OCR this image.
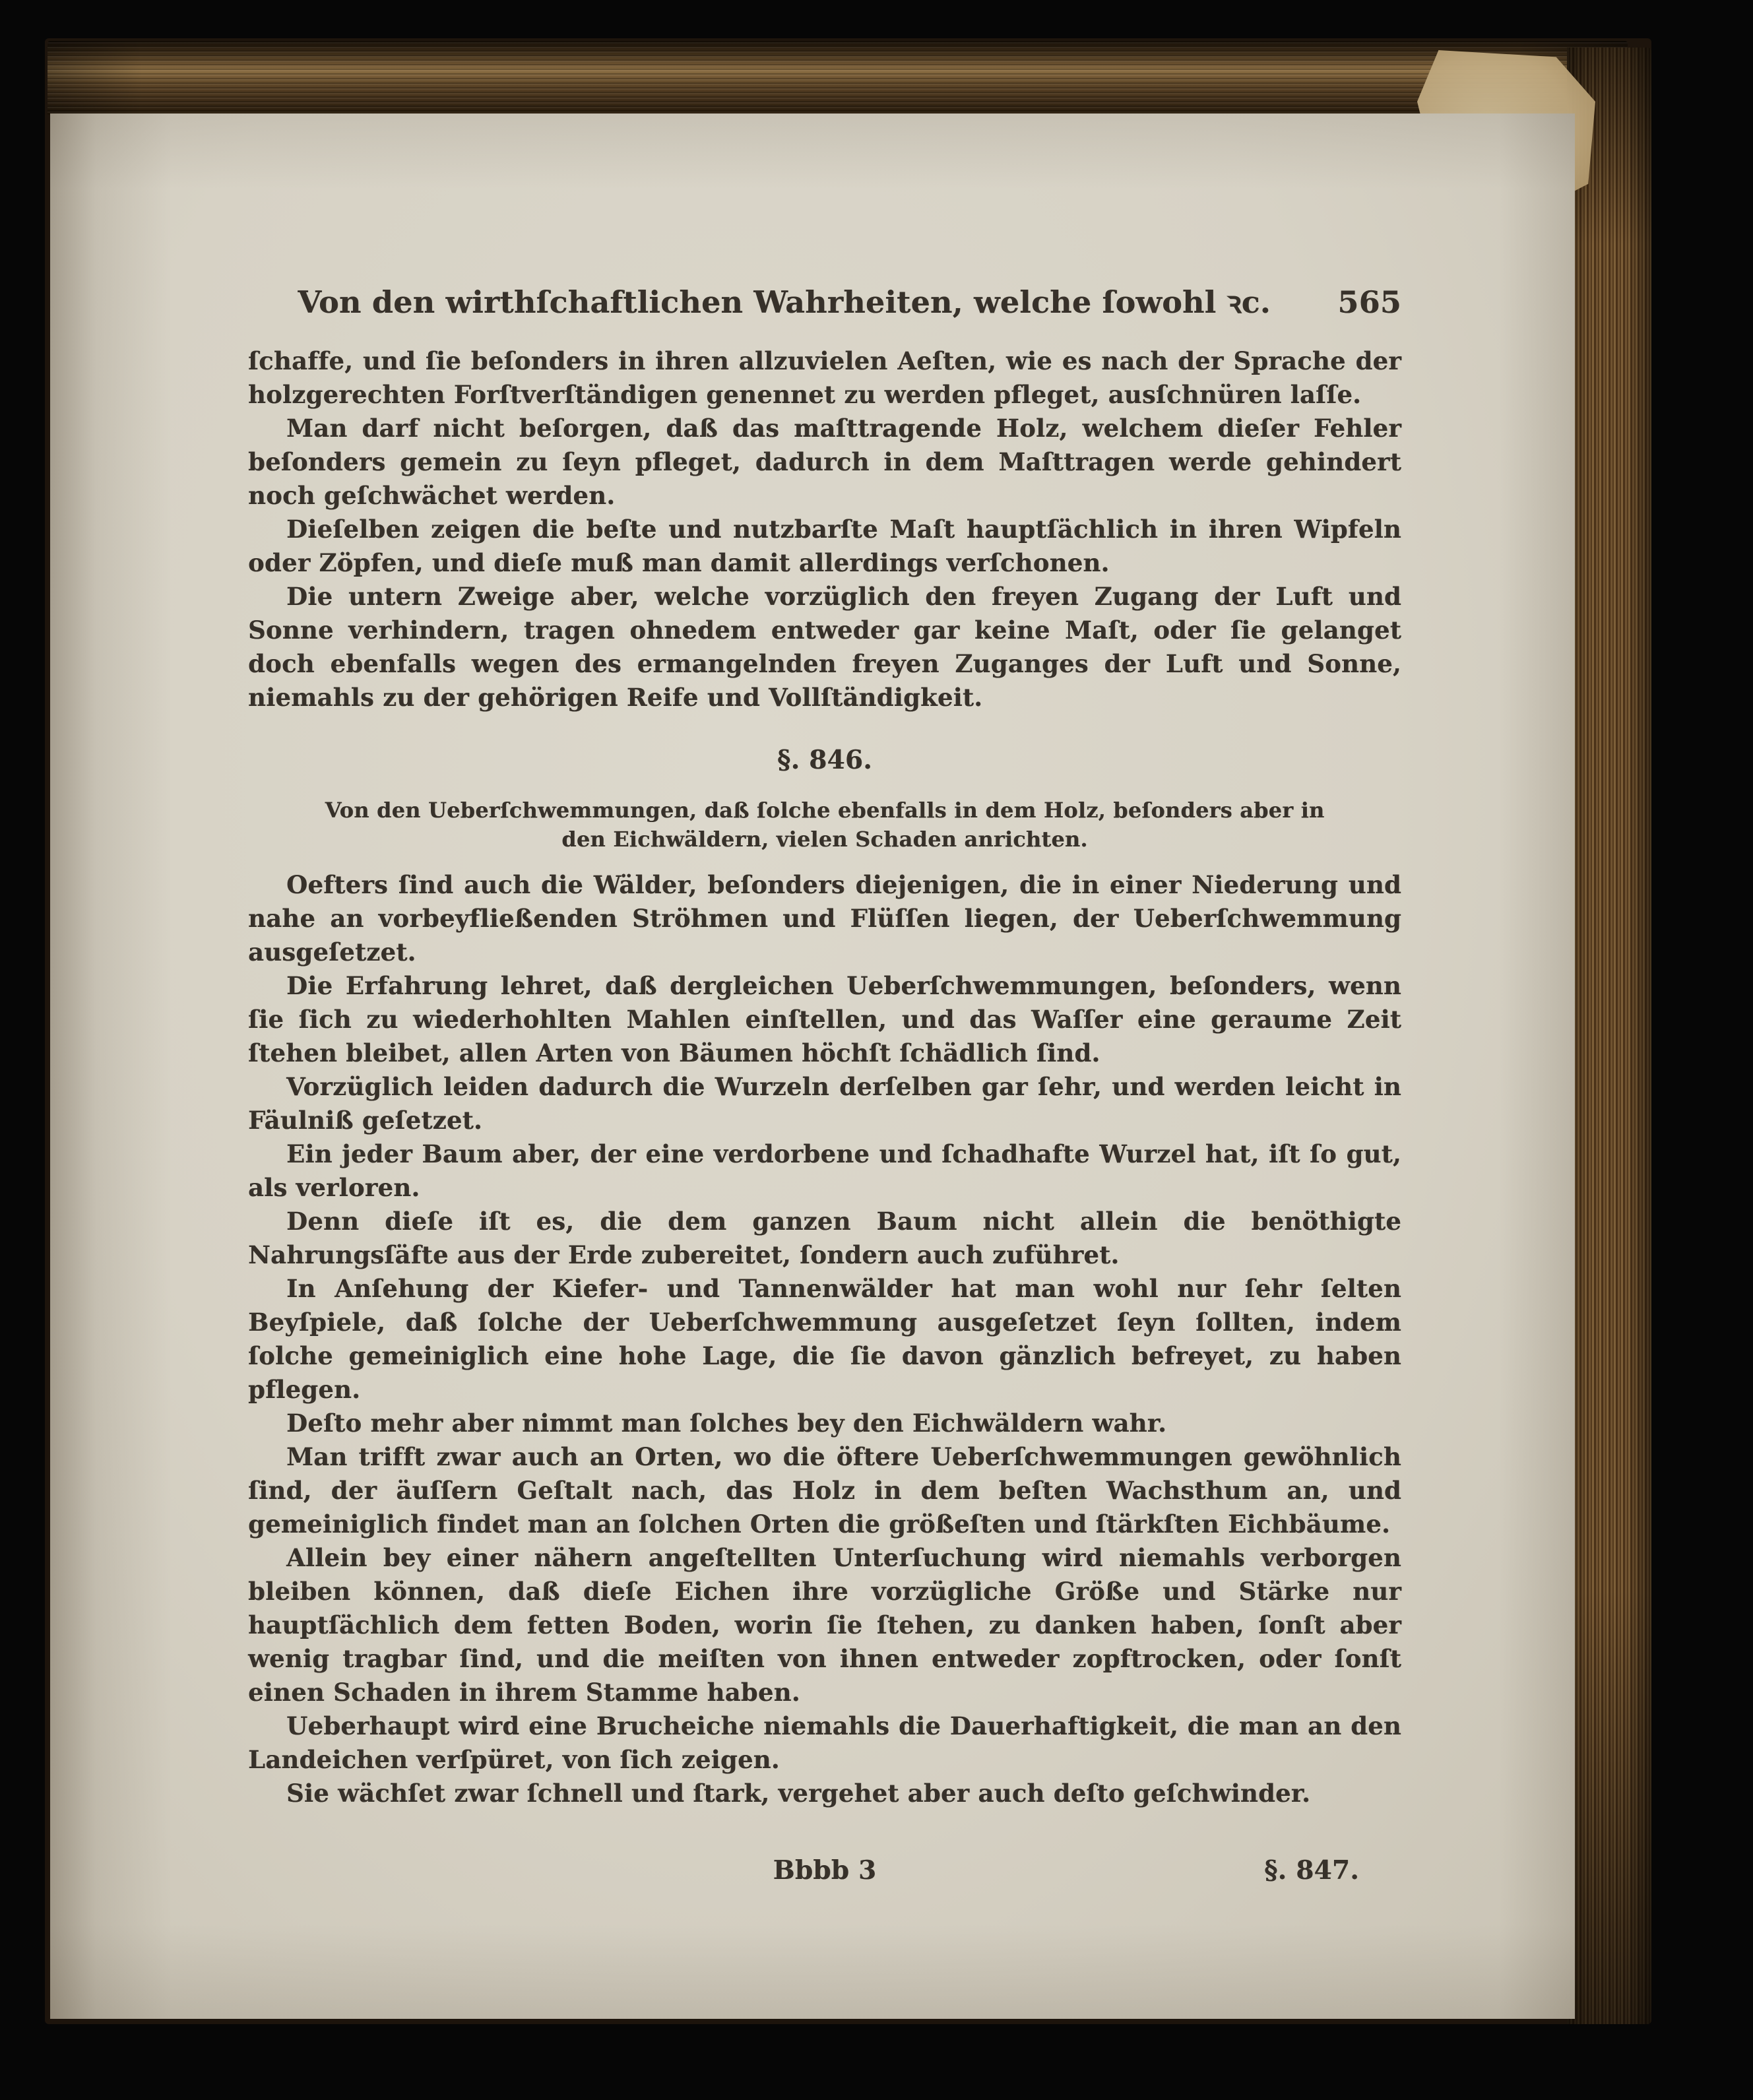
Von den wirthſchaftlichen Wahrheiten, welche ſowohl ꝛc.	565

ſchaffe, und ſie beſonders in ihren allzuvielen Aeſten, wie es nach der Sprache der holzgerechten Forſtverſtändigen genennet zu werden pfleget, ausſchnüren laſſe.

Man darf nicht beſorgen, daß das maſttragende Holz, welchem dieſer Fehler beſonders gemein zu ſeyn pfleget, dadurch in dem Maſttragen werde gehindert noch geſchwächet werden.

Dieſelben zeigen die beſte und nutzbarſte Maſt hauptſächlich in ihren Wipfeln oder Zöpfen, und dieſe muß man damit allerdings verſchonen.

Die untern Zweige aber, welche vorzüglich den freyen Zugang der Luft und Sonne verhindern, tragen ohnedem entweder gar keine Maſt, oder ſie gelanget doch ebenfalls wegen des ermangelnden freyen Zuganges der Luft und Sonne, niemahls zu der gehörigen Reife und Vollſtändigkeit.

§. 846.
Von den Ueberſchwemmungen, daß ſolche ebenfalls in dem Holz, beſonders aber in den Eichwäldern, vielen Schaden anrichten.

Oefters ſind auch die Wälder, beſonders diejenigen, die in einer Niederung und nahe an vorbeyfließenden Ströhmen und Flüſſen liegen, der Ueberſchwemmung ausgeſetzet.

Die Erfahrung lehret, daß dergleichen Ueberſchwemmungen, beſonders, wenn ſie ſich zu wiederhohlten Mahlen einſtellen, und das Waſſer eine geraume Zeit ſtehen bleibet, allen Arten von Bäumen höchſt ſchädlich ſind.

Vorzüglich leiden dadurch die Wurzeln derſelben gar ſehr, und werden leicht in Fäulniß geſetzet.

Ein jeder Baum aber, der eine verdorbene und ſchadhafte Wurzel hat, iſt ſo gut, als verloren.

Denn dieſe iſt es, die dem ganzen Baum nicht allein die benöthigte Nahrungsſäfte aus der Erde zubereitet, ſondern auch zuführet.

In Anſehung der Kiefer- und Tannenwälder hat man wohl nur ſehr ſelten Beyſpiele, daß ſolche der Ueberſchwemmung ausgeſetzet ſeyn ſollten, indem ſolche gemeiniglich eine hohe Lage, die ſie davon gänzlich befreyet, zu haben pflegen.

Deſto mehr aber nimmt man ſolches bey den Eichwäldern wahr.

Man trifft zwar auch an Orten, wo die öftere Ueberſchwemmungen gewöhnlich ſind, der äuſſern Geſtalt nach, das Holz in dem beſten Wachsthum an, und gemeiniglich findet man an ſolchen Orten die größeſten und ſtärkſten Eichbäume.

Allein bey einer nähern angeſtellten Unterſuchung wird niemahls verborgen bleiben können, daß dieſe Eichen ihre vorzügliche Größe und Stärke nur hauptſächlich dem fetten Boden, worin ſie ſtehen, zu danken haben, ſonſt aber wenig tragbar ſind, und die meiſten von ihnen entweder zopftrocken, oder ſonſt einen Schaden in ihrem Stamme haben.

Ueberhaupt wird eine Brucheiche niemahls die Dauerhaftigkeit, die man an den Landeichen verſpüret, von ſich zeigen.

Sie wächſet zwar ſchnell und ſtark, vergehet aber auch deſto geſchwinder.

Bbbb 3	§. 847.
